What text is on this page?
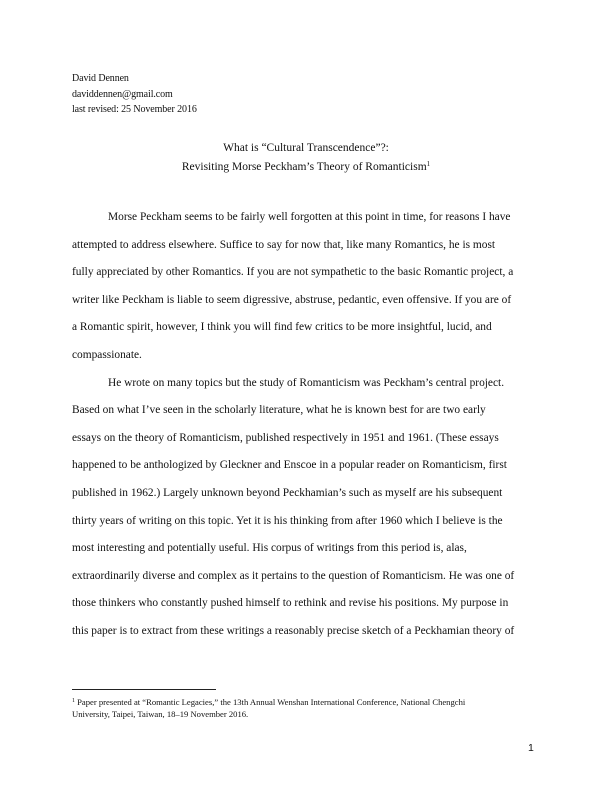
David Dennen
daviddennen@gmail.com
last revised: 25 November 2016
What is “Cultural Transcendence”?:
Revisiting Morse Peckham’s Theory of Romanticism$^1$
Morse Peckham seems to be fairly well forgotten at this point in time, for reasons I have
attempted to address elsewhere. Suffice to say for now that, like many Romantics, he is most
fully appreciated by other Romantics. If you are not sympathetic to the basic Romantic project, a
writer like Peckham is liable to seem digressive, abstruse, pedantic, even offensive. If you are of
a Romantic spirit, however, I think you will find few critics to be more insightful, lucid, and
compassionate.
He wrote on many topics but the study of Romanticism was Peckham’s central project.
Based on what I’ve seen in the scholarly literature, what he is known best for are two early
essays on the theory of Romanticism, published respectively in 1951 and 1961. (These essays
happened to be anthologized by Gleckner and Enscoe in a popular reader on Romanticism, first
published in 1962.) Largely unknown beyond Peckhamian’s such as myself are his subsequent
thirty years of writing on this topic. Yet it is his thinking from after 1960 which I believe is the
most interesting and potentially useful. His corpus of writings from this period is, alas,
extraordinarily diverse and complex as it pertains to the question of Romanticism. He was one of
those thinkers who constantly pushed himself to rethink and revise his positions. My purpose in
this paper is to extract from these writings a reasonably precise sketch of a Peckhamian theory of
$^1$ Paper presented at “Romantic Legacies,” the 13th Annual Wenshan International Conference, National Chengchi
University, Taipei, Taiwan, 18–19 November 2016.
1
